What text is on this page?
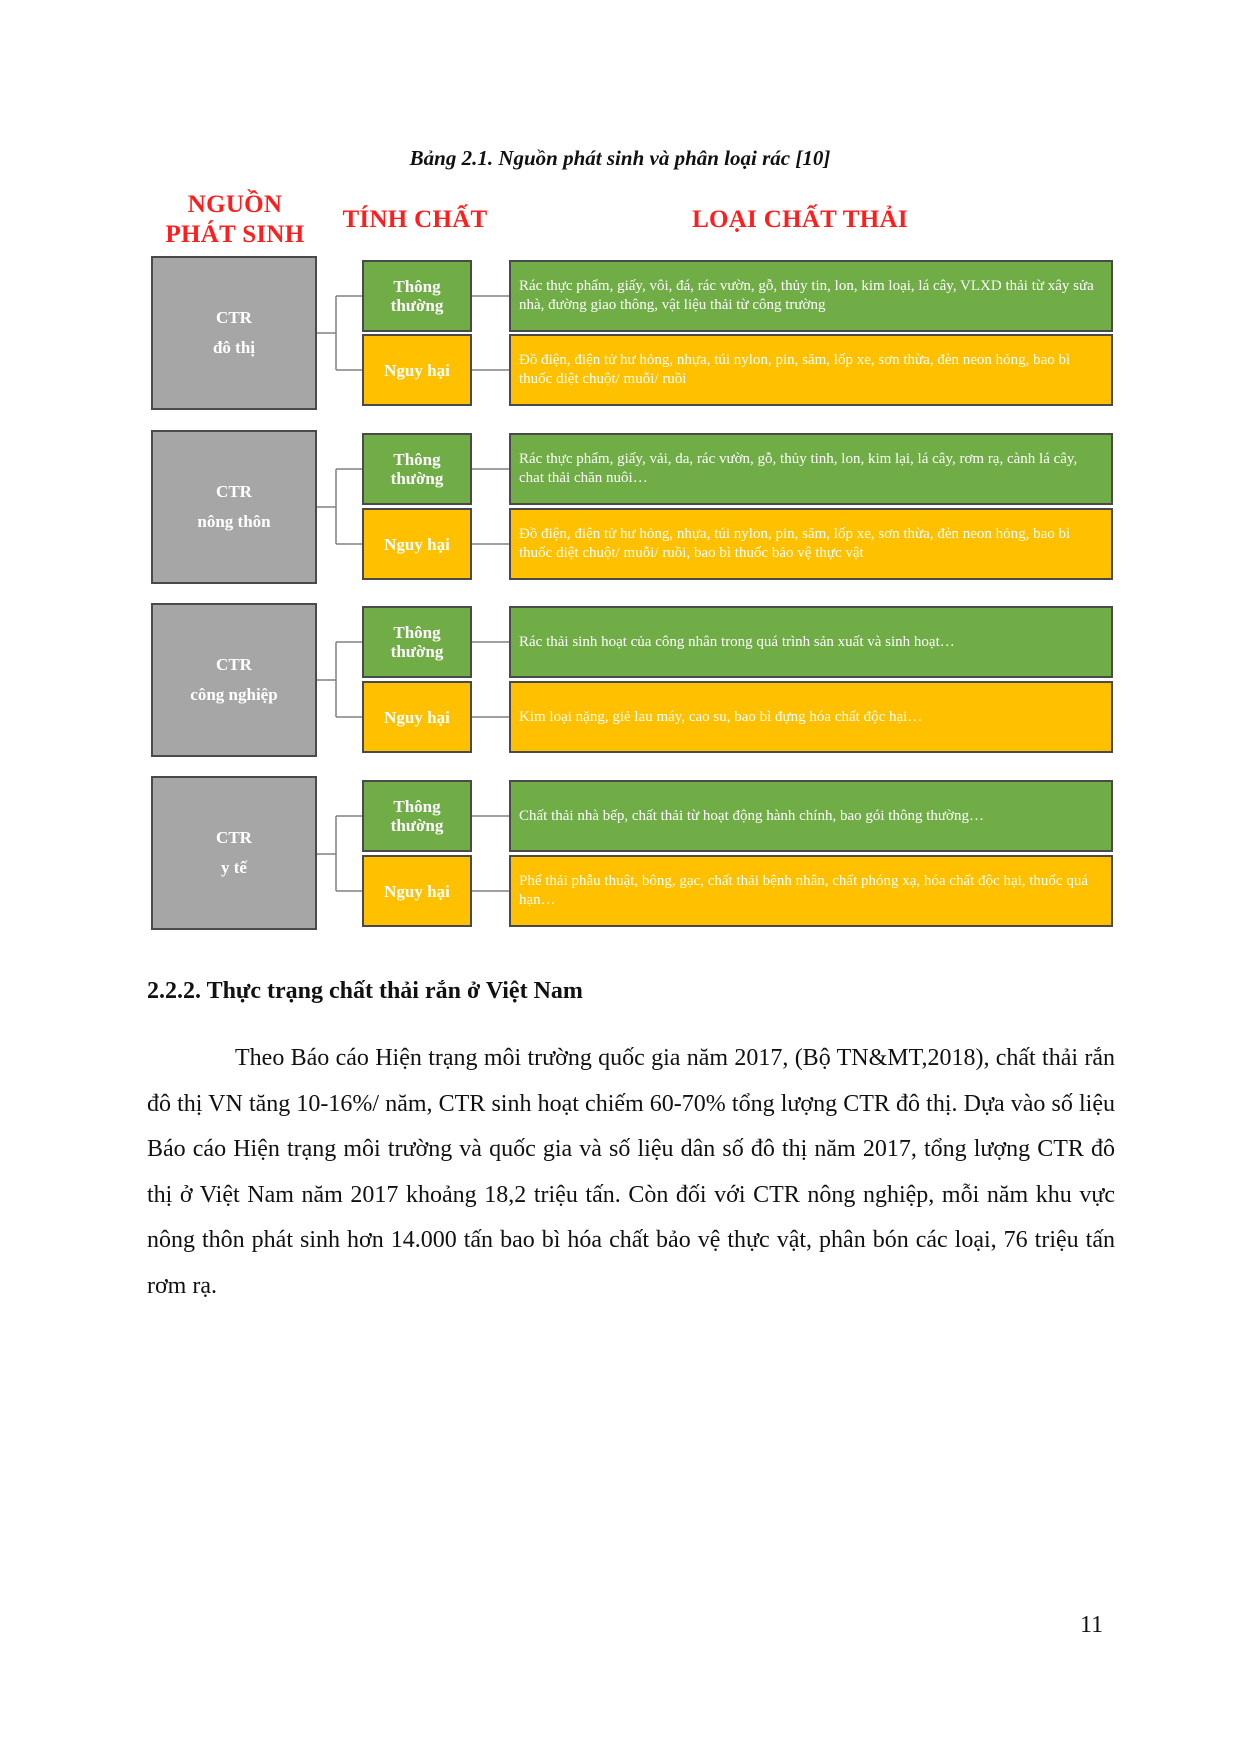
Bảng 2.1. Nguồn phát sinh và phân loại rác [10]
NGUỒN
PHÁT SINH
TÍNH CHẤT	LOẠI CHẤT THẢI
CTR
đô thị
Thông
thường
Rác thực phẩm, giấy, vôi, đá, rác vườn, gỗ, thủy tin, lon, kim loại, lá cây, VLXD thải từ xây sửa nhà, đường giao thông, vật liệu thải từ công trường
Nguy hại
Đồ điện, điện tử hư hỏng, nhựa, túi nylon, pin, săm, lốp xe, sơn thừa, đèn neon hỏng, bao bì thuốc diệt chuột/ muỗi/ ruồi
CTR
nông thôn
Thông
thường
Rác thực phẩm, giấy, vải, da, rác vườn, gỗ, thủy tinh, lon, kim lại, lá cây, rơm rạ, cành lá cây, chat thải chăn nuôi…
Nguy hại
Đồ điện, điện tử hư hỏng, nhựa, túi nylon, pin, săm, lốp xe, sơn thừa, đèn neon hỏng, bao bì thuốc diệt chuột/ muỗi/ ruồi, bao bì thuốc bảo vệ thực vật
CTR
công nghiệp
Thông
thường
Rác thải sinh hoạt của công nhân trong quá trình sản xuất và sinh hoạt…
Nguy hại	Kim loại nặng, giẻ lau máy, cao su, bao bì đựng hóa chất độc hại…
CTR
y tế
Thông
thường
Chất thải nhà bếp, chất thải từ hoạt động hành chính, bao gói thông thường…
Nguy hại
Phế thải phẫu thuật, bông, gạc, chất thải bệnh nhân, chất phóng xạ, hóa chất độc hại, thuốc quá hạn…
2.2.2. Thực trạng chất thải rắn ở Việt Nam

Theo Báo cáo Hiện trạng môi trường quốc gia năm 2017, (Bộ TN&MT,2018), chất thải rắn đô thị VN tăng 10-16%/ năm, CTR sinh hoạt chiếm 60-70% tổng lượng CTR đô thị. Dựa vào số liệu Báo cáo Hiện trạng môi trường và quốc gia và số liệu dân số đô thị năm 2017, tổng lượng CTR đô thị ở Việt Nam năm 2017 khoảng 18,2 triệu tấn. Còn đối với CTR nông nghiệp, mỗi năm khu vực nông thôn phát sinh hơn 14.000 tấn bao bì hóa chất bảo vệ thực vật, phân bón các loại, 76 triệu tấn rơm rạ.

11
